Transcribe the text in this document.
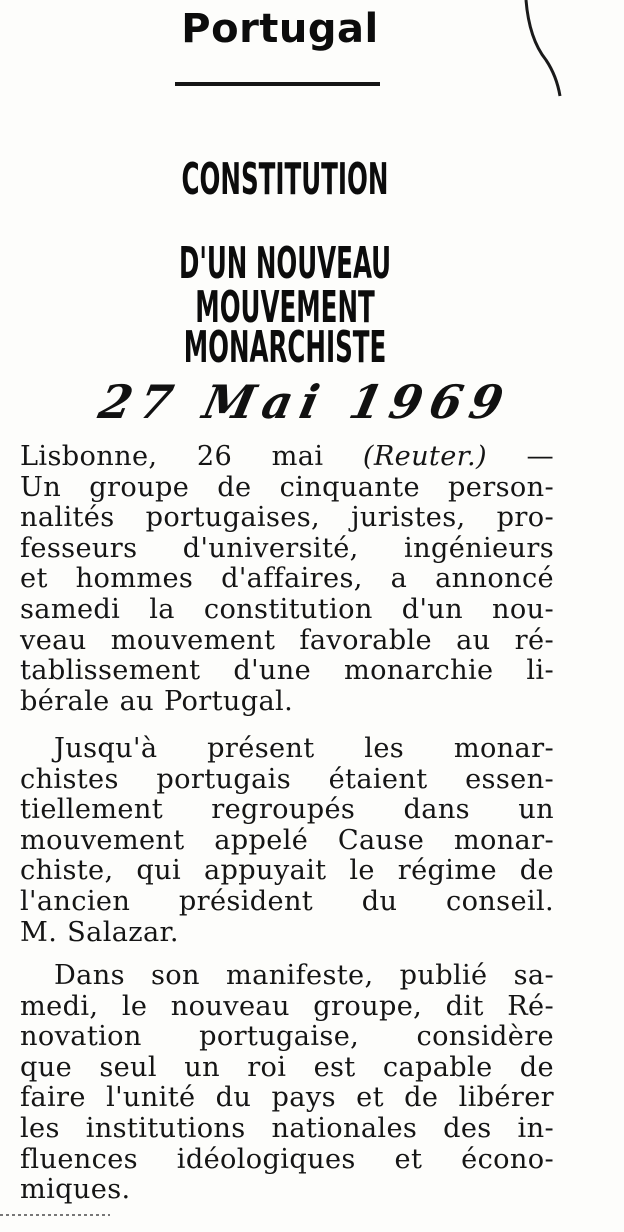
Portugal
CONSTITUTION
D'UN NOUVEAU MOUVEMENT
MONARCHISTE
27 Mai 1969
Lisbonne, 26 mai (Reuter.) —
Un groupe de cinquante person-
nalités portugaises, juristes, pro-
fesseurs d'université, ingénieurs
et hommes d'affaires, a annoncé
samedi la constitution d'un nou-
veau mouvement favorable au ré-
tablissement d'une monarchie li-
bérale au Portugal.
Jusqu'à présent les monar-
chistes portugais étaient essen-
tiellement regroupés dans un
mouvement appelé Cause monar-
chiste, qui appuyait le régime de
l'ancien président du conseil.
M. Salazar.
Dans son manifeste, publié sa-
medi, le nouveau groupe, dit Ré-
novation portugaise, considère
que seul un roi est capable de
faire l'unité du pays et de libérer
les institutions nationales des in-
fluences idéologiques et écono-
miques.
